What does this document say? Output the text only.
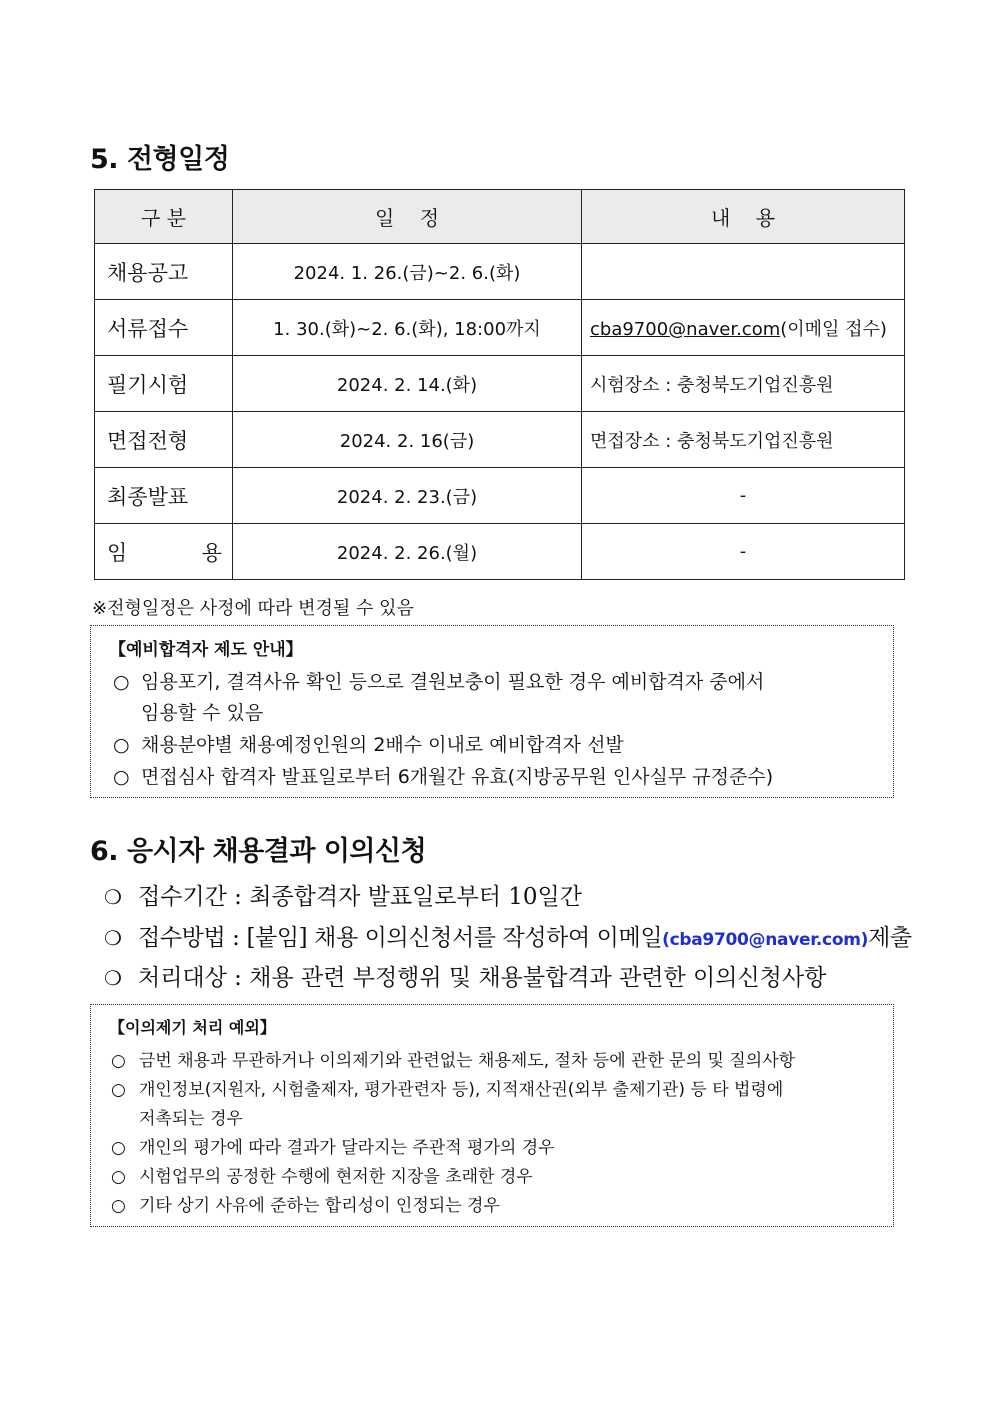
5. 전형일정
구 분	일    정	내    용
채용공고	2024. 1. 26.(금)~2. 6.(화)	
서류접수	1. 30.(화)~2. 6.(화), 18:00까지	cba9700@naver.com(이메일 접수)
필기시험	2024. 2. 14.(화)	시험장소 : 충청북도기업진흥원
면접전형	2024. 2. 16(금)	면접장소 : 충청북도기업진흥원
최종발표	2024. 2. 23.(금)	-
임    용	2024. 2. 26.(월)	-
※전형일정은 사정에 따라 변경될 수 있음
【예비합격자 제도 안내】
○ 임용포기, 결격사유 확인 등으로 결원보충이 필요한 경우 예비합격자 중에서
임용할 수 있음
○ 채용분야별 채용예정인원의 2배수 이내로 예비합격자 선발
○ 면접심사 합격자 발표일로부터 6개월간 유효(지방공무원 인사실무 규정준수)
6. 응시자 채용결과 이의신청
❍ 접수기간 : 최종합격자 발표일로부터 10일간
❍ 접수방법 : [붙임] 채용 이의신청서를 작성하여 이메일(cba9700@naver.com)제출
❍ 처리대상 : 채용 관련 부정행위 및 채용불합격과 관련한 이의신청사항
【이의제기 처리 예외】
○ 금번 채용과 무관하거나 이의제기와 관련없는 채용제도, 절차 등에 관한 문의 및 질의사항
○ 개인정보(지원자, 시험출제자, 평가관련자 등), 지적재산권(외부 출제기관) 등 타 법령에
저촉되는 경우
○ 개인의 평가에 따라 결과가 달라지는 주관적 평가의 경우
○ 시험업무의 공정한 수행에 현저한 지장을 초래한 경우
○ 기타 상기 사유에 준하는 합리성이 인정되는 경우
